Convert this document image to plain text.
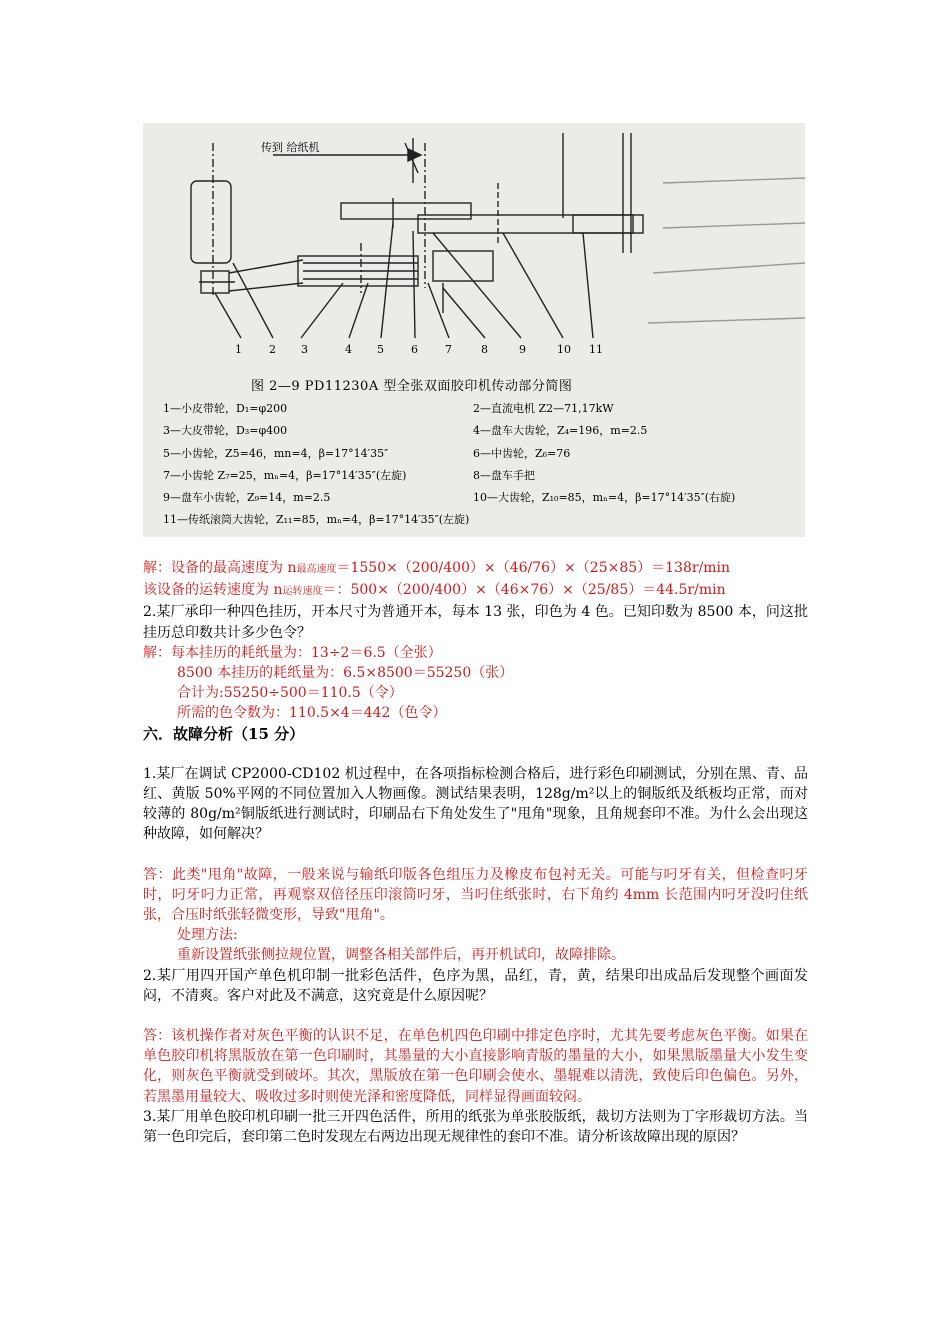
传到 给纸机
1 2 3	4 5 6 7	8	9	10 11
图 2—9 PD11230A 型全张双面胶印机传动部分简图
1—小皮带轮，D₁=φ200	2—直流电机 Z2—71,17kW
3—大皮带轮，D₃=φ400	4—盘车大齿轮，Z₄=196，m=2.5
5—小齿轮，Z5=46，mn=4，β=17°14′35″	6—中齿轮，Z₆=76
7—小齿轮 Z₇=25，mₙ=4，β=17°14′35″(左旋)	8—盘车手把
9—盘车小齿轮，Z₉=14，m=2.5	10—大齿轮，Z₁₀=85，mₙ=4，β=17°14′35″(右旋)
11—传纸滚筒大齿轮，Z₁₁=85，mₙ=4，β=17°14′35″(左旋)

解：设备的最高速度为 n最高速度＝1550×（200/400）×（46/76）×（25×85）＝138r/min

该设备的运转速度为 n运转速度＝：500×（200/400）×（46×76）×（25/85）＝44.5r/min

2.某厂承印一种四色挂历，开本尺寸为普通开本，每本 13 张，印色为 4 色。已知印数为 8500 本，问这批挂历总印数共计多少色令？

解：每本挂历的耗纸量为：13÷2＝6.5（全张）

8500 本挂历的耗纸量为：6.5×8500＝55250（张）

合计为:55250÷500＝110.5（令）

所需的色令数为：110.5×4＝442（色令）

六．故障分析（15 分）

1.某厂在调试 CP2000-CD102 机过程中，在各项指标检测合格后，进行彩色印刷测试，分别在黑、青、品红、黄版 50%平网的不同位置加入人物画像。测试结果表明，128g/m²以上的铜版纸及纸板均正常，而对较薄的 80g/m²铜版纸进行测试时，印刷品右下角处发生了"甩角"现象，且角规套印不准。为什么会出现这种故障，如何解决？

答：此类"甩角"故障，一般来说与输纸印版各色组压力及橡皮布包衬无关。可能与叼牙有关，但检查叼牙时，叼牙叼力正常，再观察双倍径压印滚筒叼牙，当叼住纸张时，右下角约 4mm 长范围内叼牙没叼住纸张，合压时纸张轻微变形，导致"甩角"。

处理方法:

重新设置纸张侧拉规位置，调整各相关部件后，再开机试印，故障排除。

2.某厂用四开国产单色机印制一批彩色活件，色序为黑，品红，青，黄，结果印出成品后发现整个画面发闷，不清爽。客户对此及不满意，这究竟是什么原因呢？

答：该机操作者对灰色平衡的认识不足，在单色机四色印刷中排定色序时，尤其先要考虑灰色平衡。如果在单色胶印机将黑版放在第一色印刷时，其墨量的大小直接影响青版的墨量的大小，如果黑版墨量大小发生变化，则灰色平衡就受到破坏。其次，黑版放在第一色印刷会使水、墨辊难以清洗，致使后印色偏色。另外，若黑墨用量较大、吸收过多时则使光泽和密度降低，同样显得画面较闷。

3.某厂用单色胶印机印刷一批三开四色活件，所用的纸张为单张胶版纸，裁切方法则为丁字形裁切方法。当第一色印完后，套印第二色时发现左右两边出现无规律性的套印不准。请分析该故障出现的原因？
